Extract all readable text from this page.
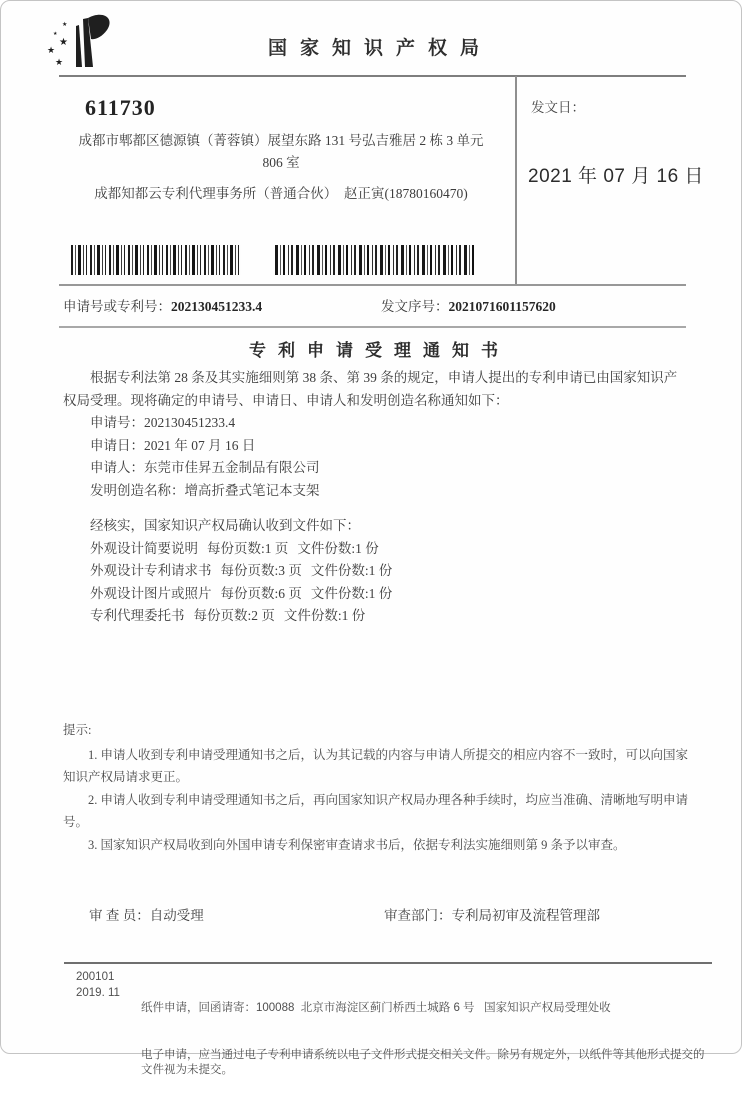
★
★
★
★
★
国家知识产权局
611730
成都市郫都区德源镇（菁蓉镇）展望东路 131 号弘吉雅居 2 栋 3 单元
806 室
成都知都云专利代理事务所（普通合伙）  赵正寅(18780160470)
发文日：
2021 年 07 月 16 日
申请号或专利号：202130451233.4	发文序号：2021071601157620
专利申请受理通知书

根据专利法第 28 条及其实施细则第 38 条、第 39 条的规定，申请人提出的专利申请已由国家知识产权局受理。现将确定的申请号、申请日、申请人和发明创造名称通知如下：

申请号：202130451233.4
申请日：2021 年 07 月 16 日
申请人：东莞市佳昇五金制品有限公司
发明创造名称：增高折叠式笔记本支架
经核实，国家知识产权局确认收到文件如下：
外观设计简要说明 每份页数:1 页 文件份数:1 份
外观设计专利请求书 每份页数:3 页 文件份数:1 份
外观设计图片或照片 每份页数:6 页 文件份数:1 份
专利代理委托书 每份页数:2 页 文件份数:1 份
提示:
1. 申请人收到专利申请受理通知书之后，认为其记载的内容与申请人所提交的相应内容不一致时，可以向国家知识产权局请求更正。
2. 申请人收到专利申请受理通知书之后，再向国家知识产权局办理各种手续时，均应当准确、清晰地写明申请号。
3. 国家知识产权局收到向外国申请专利保密审查请求书后，依据专利法实施细则第 9 条予以审查。
审 查 员：自动受理	审查部门：专利局初审及流程管理部
200101
2019. 11

纸件申请，回函请寄：100088  北京市海淀区蓟门桥西土城路 6 号   国家知识产权局受理处收

电子申请，应当通过电子专利申请系统以电子文件形式提交相关文件。除另有规定外，以纸件等其他形式提交的文件视为未提交。
